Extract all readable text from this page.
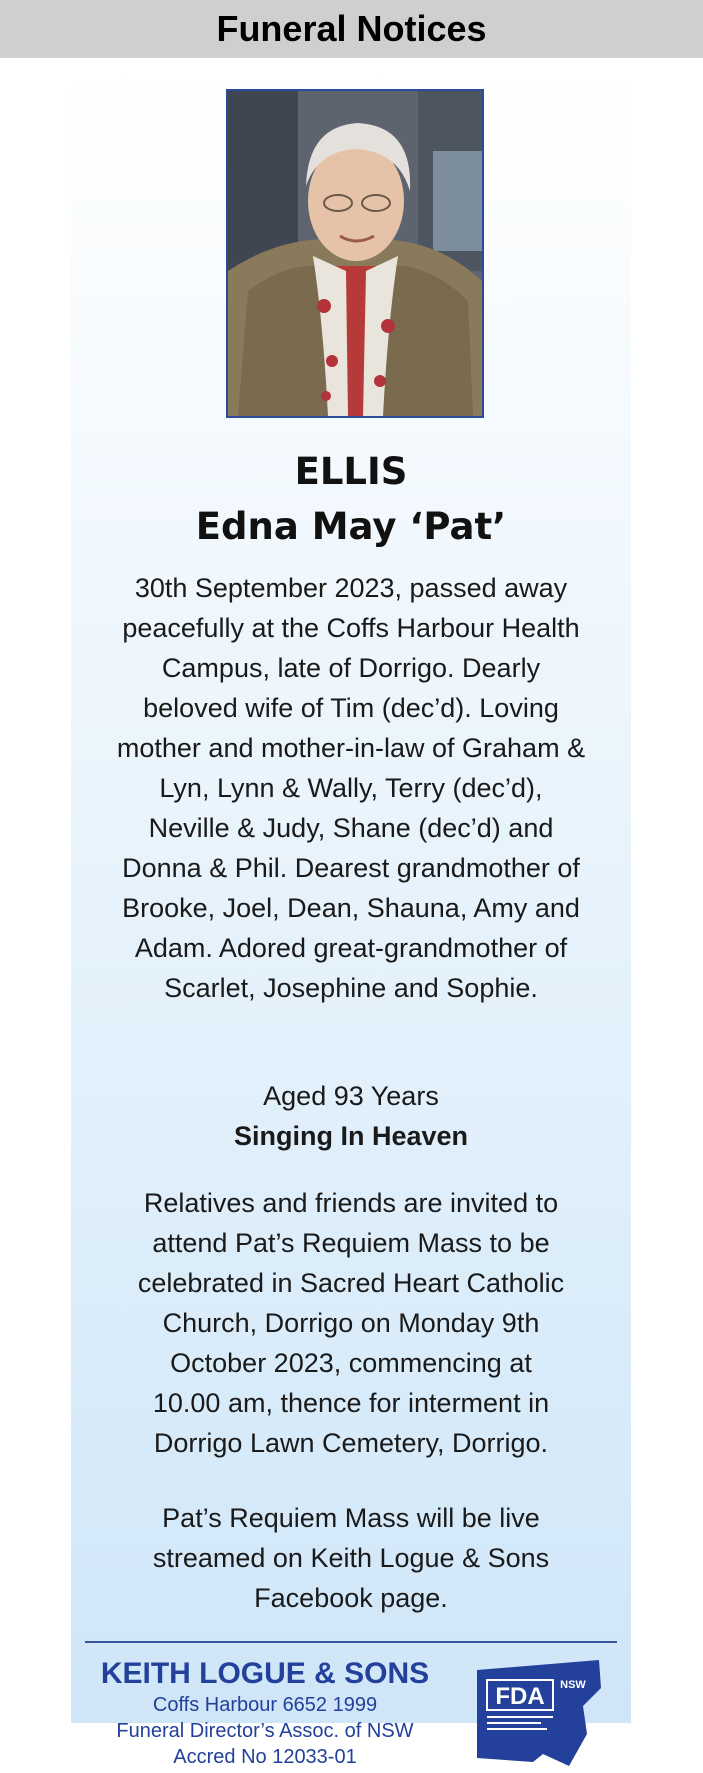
Funeral Notices
ELLIS
Edna May ‘Pat’

30th September 2023, passed away
peacefully at the Coffs Harbour Health
Campus, late of Dorrigo. Dearly
beloved wife of Tim (dec’d). Loving
mother and mother-in-law of Graham &
Lyn, Lynn & Wally, Terry (dec’d),
Neville & Judy, Shane (dec’d) and
Donna & Phil. Dearest grandmother of
Brooke, Joel, Dean, Shauna, Amy and
Adam. Adored great-grandmother of
Scarlet, Josephine and Sophie.

Aged 93 Years

Singing In Heaven

Relatives and friends are invited to
attend Pat’s Requiem Mass to be
celebrated in Sacred Heart Catholic
Church, Dorrigo on Monday 9th
October 2023, commencing at
10.00 am, thence for interment in
Dorrigo Lawn Cemetery, Dorrigo.

Pat’s Requiem Mass will be live
streamed on Keith Logue & Sons
Facebook page.

KEITH LOGUE & SONS
Coffs Harbour 6652 1999
Funeral Director’s Assoc. of NSW
Accred No 12033-01
FDA NSW
